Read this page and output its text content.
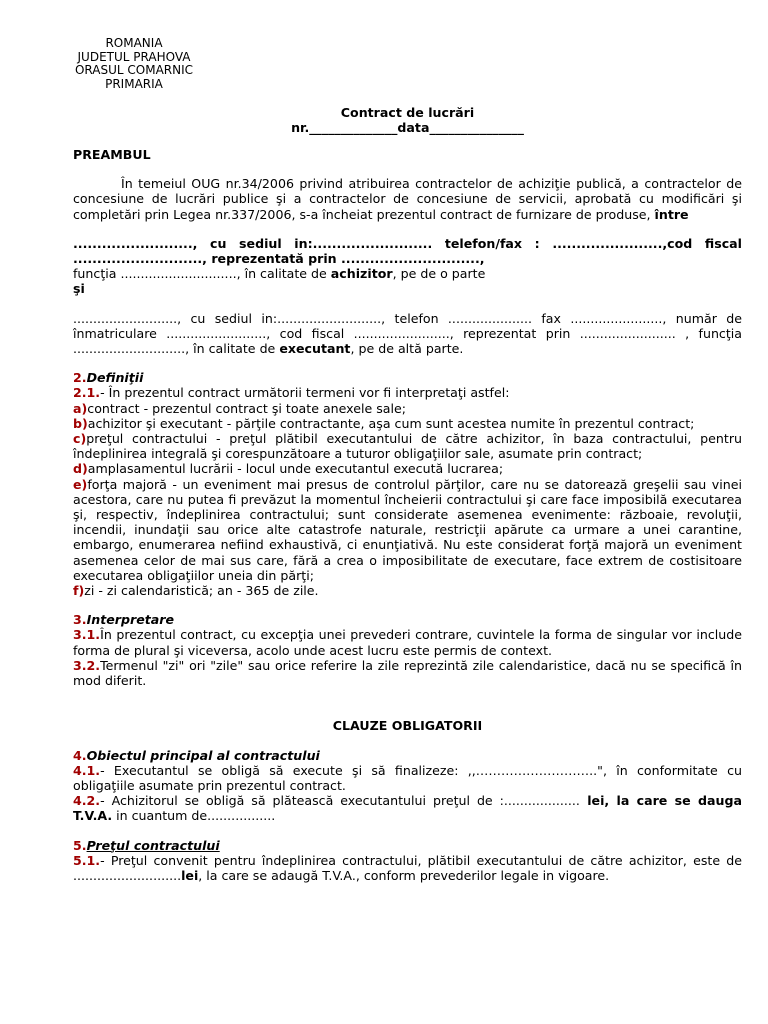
ROMANIA
JUDETUL PRAHOVA
ORASUL COMARNIC
PRIMARIA
Contract de lucrări
nr.______________data_______________
PREAMBUL

În temeiul OUG nr.34/2006 privind atribuirea contractelor de achiziţie publică, a contractelor de concesiune de lucrări publice şi a contractelor de concesiune de servicii, aprobată cu modificări şi completări prin Legea nr.337/2006, s-a încheiat prezentul contract de furnizare de produse, între

........................., cu sediul in:......................... telefon/fax : .......................,cod fiscal ..........................., reprezentată prin .............................,

funcţia ............................., în calitate de achizitor, pe de o parte

şi

.........................., cu sediul in:.........................., telefon ..................... fax ......................., număr de înmatriculare ........................., cod fiscal ........................, reprezentat prin ........................ , funcţia ............................, în calitate de executant, pe de altă parte.

2.Definiţii

2.1.- În prezentul contract următorii termeni vor fi interpretaţi astfel:

a)contract - prezentul contract şi toate anexele sale;

b)achizitor şi executant - părţile contractante, aşa cum sunt acestea numite în prezentul contract;

c)preţul contractului - preţul plătibil executantului de către achizitor, în baza contractului, pentru îndeplinirea integrală şi corespunzătoare a tuturor obligaţiilor sale, asumate prin contract;

d)amplasamentul lucrării - locul unde executantul execută lucrarea;

e)forţa majoră - un eveniment mai presus de controlul părţilor, care nu se datorează greşelii sau vinei acestora, care nu putea fi prevăzut la momentul încheierii contractului şi care face imposibilă executarea şi, respectiv, îndeplinirea contractului; sunt considerate asemenea evenimente: războaie, revoluţii, incendii, inundaţii sau orice alte catastrofe naturale, restricţii apărute ca urmare a unei carantine, embargo, enumerarea nefiind exhaustivă, ci enunţiativă. Nu este considerat forţă majoră un eveniment asemenea celor de mai sus care, fără a crea o imposibilitate de executare, face extrem de costisitoare executarea obligaţiilor uneia din părţi;

f)zi - zi calendaristică; an - 365 de zile.

3.Interpretare

3.1.În prezentul contract, cu excepţia unei prevederi contrare, cuvintele la forma de singular vor include forma de plural şi viceversa, acolo unde acest lucru este permis de context.

3.2.Termenul "zi" ori "zile" sau orice referire la zile reprezintă zile calendaristice, dacă nu se specifică în mod diferit.

CLAUZE OBLIGATORII

4.Obiectul principal al contractului

4.1.- Executantul se obligă să execute şi să finalizeze: ,,………………………..", în conformitate cu obligaţiile asumate prin prezentul contract.

4.2.- Achizitorul se obligă să plătească executantului preţul de :................... lei, la care se dauga T.V.A. in cuantum de.................

5.Preţul contractului

5.1.- Preţul convenit pentru îndeplinirea contractului, plătibil executantului de către achizitor, este de ...........................lei, la care se adaugă T.V.A., conform prevederilor legale in vigoare.
